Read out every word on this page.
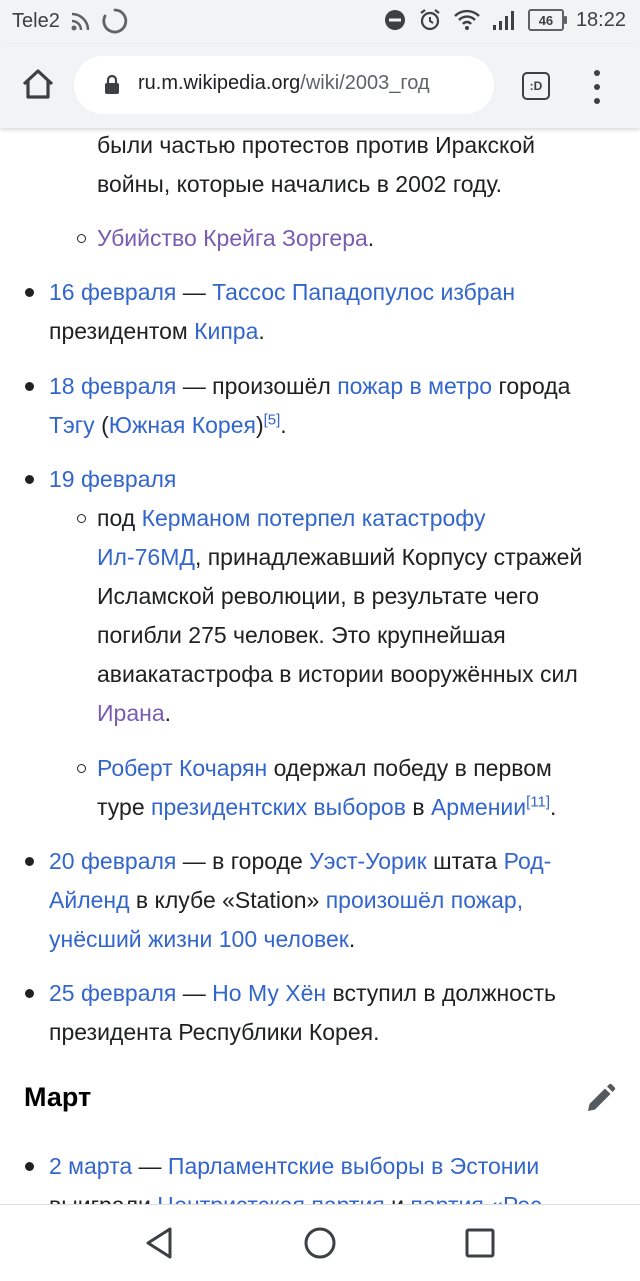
Tele2	46	18:22
ru.m.wikipedia.org/wiki/2003_год	:D
были частью протестов против Иракской
войны, которые начались в 2002 году.
Убийство Крейга Зоргера.
16 февраля — Тассос Пападопулос избран
президентом Кипра.
18 февраля — произошёл пожар в метро города
Тэгу (Южная Корея)[5].
19 февраля
под Керманом потерпел катастрофу
Ил-76МД, принадлежавший Корпусу стражей
Исламской революции, в результате чего
погибли 275 человек. Это крупнейшая
авиакатастрофа в истории вооружённых сил
Ирана.
Роберт Кочарян одержал победу в первом
туре президентских выборов в Армении[11].
20 февраля — в городе Уэст-Уорик штата Род-
Айленд в клубе «Station» произошёл пожар,
унёсший жизни 100 человек.
25 февраля — Но Му Хён вступил в должность
президента Республики Корея.
Март
2 марта — Парламентские выборы в Эстонии
